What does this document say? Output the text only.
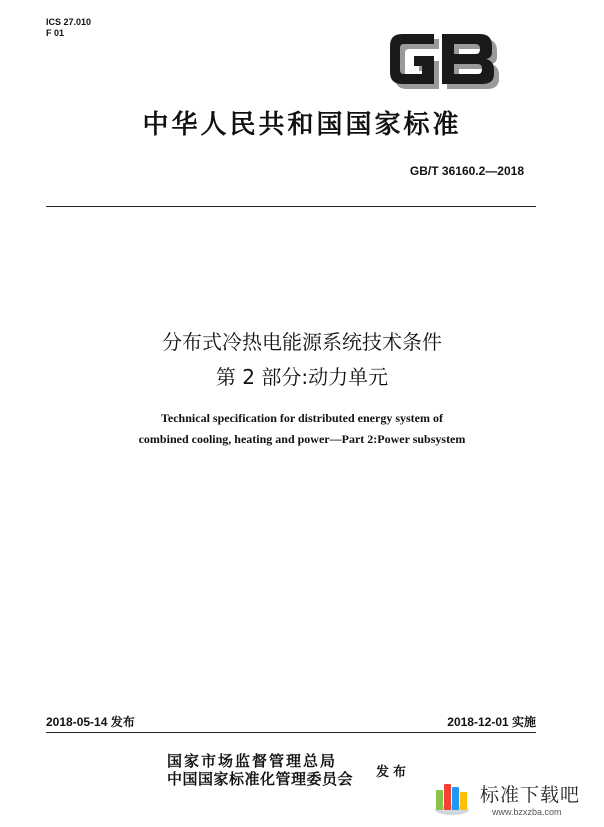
ICS 27.010
F 01
中华人民共和国国家标准
GB/T 36160.2—2018
分布式冷热电能源系统技术条件
第 2 部分:动力单元
Technical specification for distributed energy system of
combined cooling, heating and power—Part 2:Power subsystem
2018-05-14 发布	2018-12-01 实施
国家市场监督管理总局
中国国家标准化管理委员会 发布
标准下载吧
www.bzxzba.com
